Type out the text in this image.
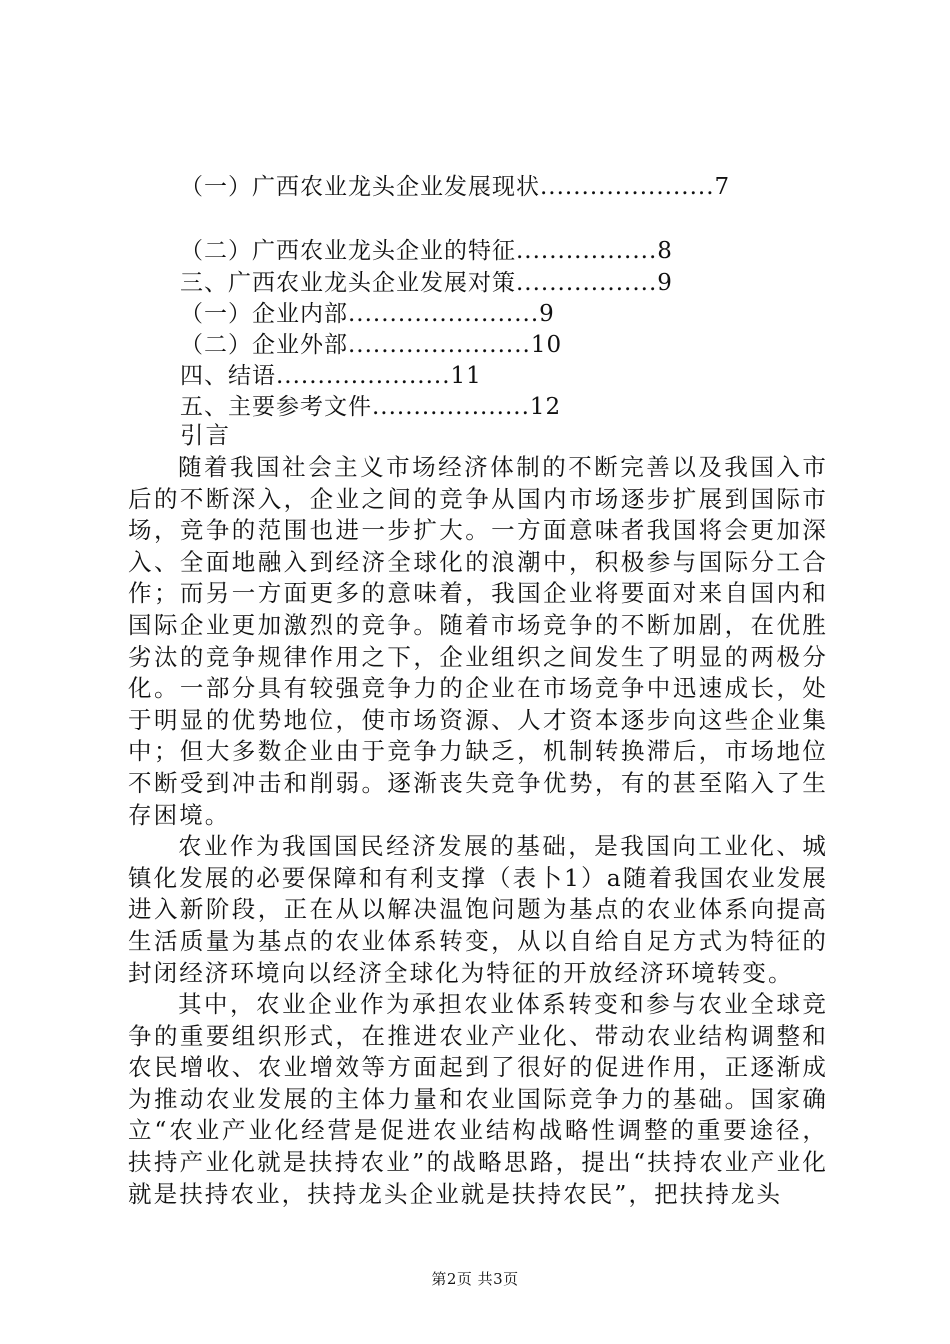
（一）广西农业龙头企业发展现状.....................7
（二）广西农业龙头企业的特征.................8
三、广西农业龙头企业发展对策.................9
（一）企业内部.......................9
（二）企业外部......................10
四、结语.....................11
五、主要参考文件...................12
引言

随着我国社会主义市场经济体制的不断完善以及我国入市后的不断深入，企业之间的竞争从国内市场逐步扩展到国际市场，竞争的范围也进一步扩大。一方面意味者我国将会更加深入、全面地融入到经济全球化的浪潮中，积极参与国际分工合作；而另一方面更多的意味着，我国企业将要面对来自国内和国际企业更加激烈的竞争。随着市场竞争的不断加剧，在优胜劣汰的竞争规律作用之下，企业组织之间发生了明显的两极分化。一部分具有较强竞争力的企业在市场竞争中迅速成长，处于明显的优势地位，使市场资源、人才资本逐步向这些企业集中；但大多数企业由于竞争力缺乏，机制转换滞后，市场地位不断受到冲击和削弱。逐渐丧失竞争优势，有的甚至陷入了生存困境。

农业作为我国国民经济发展的基础，是我国向工业化、城镇化发展的必要保障和有利支撑（表卜1）a随着我国农业发展进入新阶段，正在从以解决温饱问题为基点的农业体系向提高生活质量为基点的农业体系转变，从以自给自足方式为特征的封闭经济环境向以经济全球化为特征的开放经济环境转变。

其中，农业企业作为承担农业体系转变和参与农业全球竞争的重要组织形式，在推进农业产业化、带动农业结构调整和农民增收、农业增效等方面起到了很好的促进作用，正逐渐成为推动农业发展的主体力量和农业国际竞争力的基础。国家确立“农业产业化经营是促进农业结构战略性调整的重要途径，扶持产业化就是扶持农业”的战略思路，提出“扶持农业产业化就是扶持农业，扶持龙头企业就是扶持农民”，把扶持龙头

第2页 共3页
